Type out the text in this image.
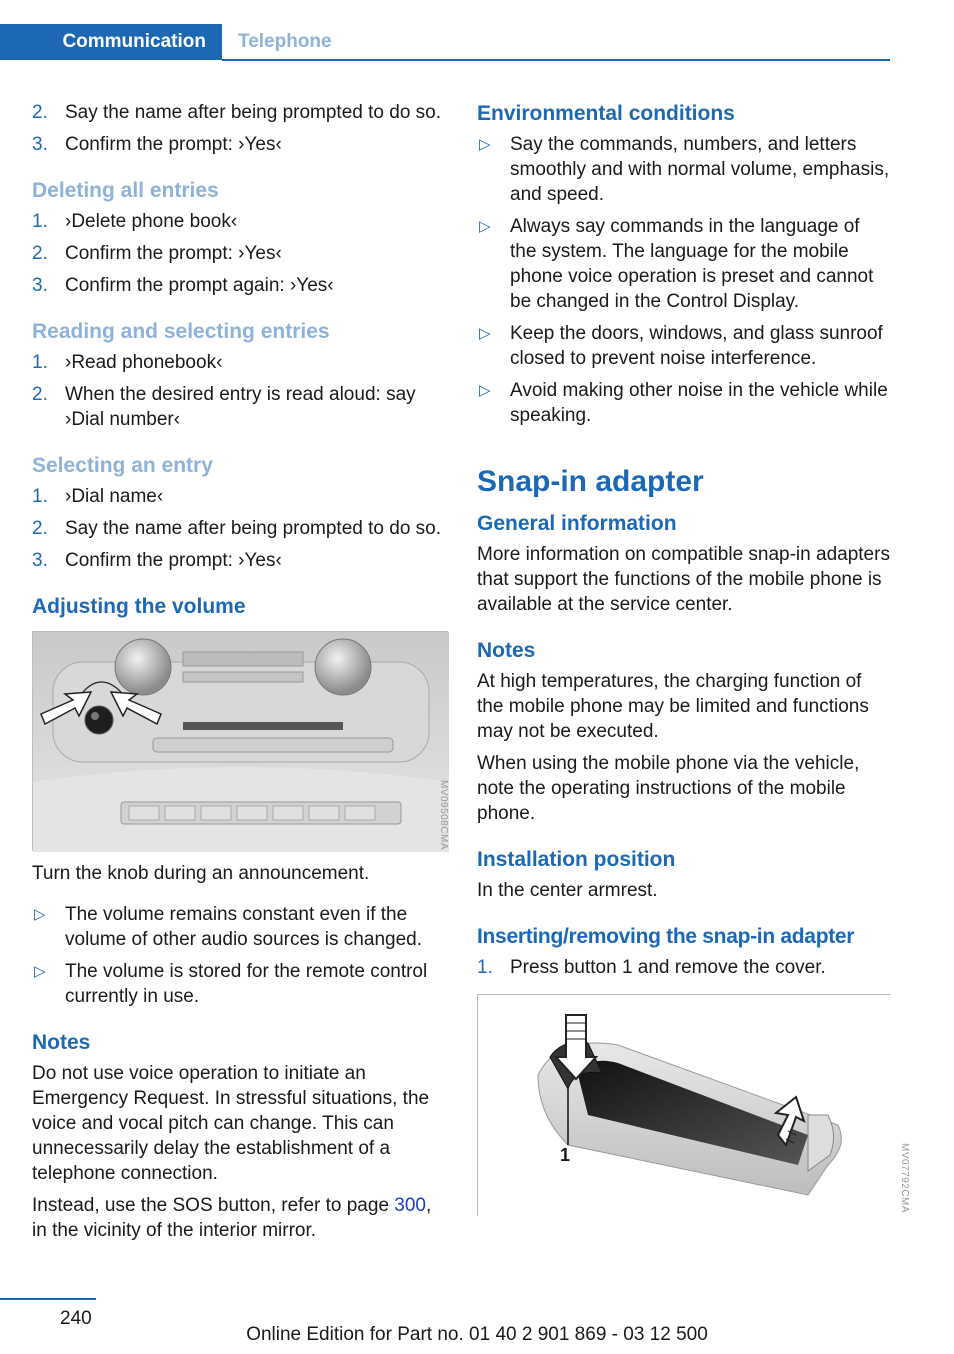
Communication	Telephone
2. Say the name after being prompted to do so.
3. Confirm the prompt: ›Yes‹
Deleting all entries
1. ›Delete phone book‹
2. Confirm the prompt: ›Yes‹
3. Confirm the prompt again: ›Yes‹
Reading and selecting entries
1. ›Read phonebook‹
2. When the desired entry is read aloud: say ›Dial number‹
Selecting an entry
1. ›Dial name‹
2. Say the name after being prompted to do so.
3. Confirm the prompt: ›Yes‹
Adjusting the volume
MV09508CMA

Turn the knob during an announcement.

▷ The volume remains constant even if the volume of other audio sources is changed.
▷ The volume is stored for the remote control currently in use.
Notes

Do not use voice operation to initiate an Emergency Request. In stressful situations, the voice and vocal pitch can change. This can unnecessarily delay the establishment of a telephone connection.

Instead, use the SOS button, refer to page 300, in the vicinity of the interior mirror.

Environmental conditions
▷ Say the commands, numbers, and letters smoothly and with normal volume, emphasis, and speed.
▷ Always say commands in the language of the system. The language for the mobile phone voice operation is preset and cannot be changed in the Control Display.
▷ Keep the doors, windows, and glass sunroof closed to prevent noise interference.
▷ Avoid making other noise in the vehicle while speaking.
Snap-in adapter
General information

More information on compatible snap-in adapters that support the functions of the mobile phone is available at the service center.

Notes

At high temperatures, the charging function of the mobile phone may be limited and functions may not be executed.

When using the mobile phone via the vehicle, note the operating instructions of the mobile phone.

Installation position

In the center armrest.

Inserting/removing the snap-in adapter
1. Press button 1 and remove the cover.
1	MV07792CMA
240
Online Edition for Part no. 01 40 2 901 869 - 03 12 500
